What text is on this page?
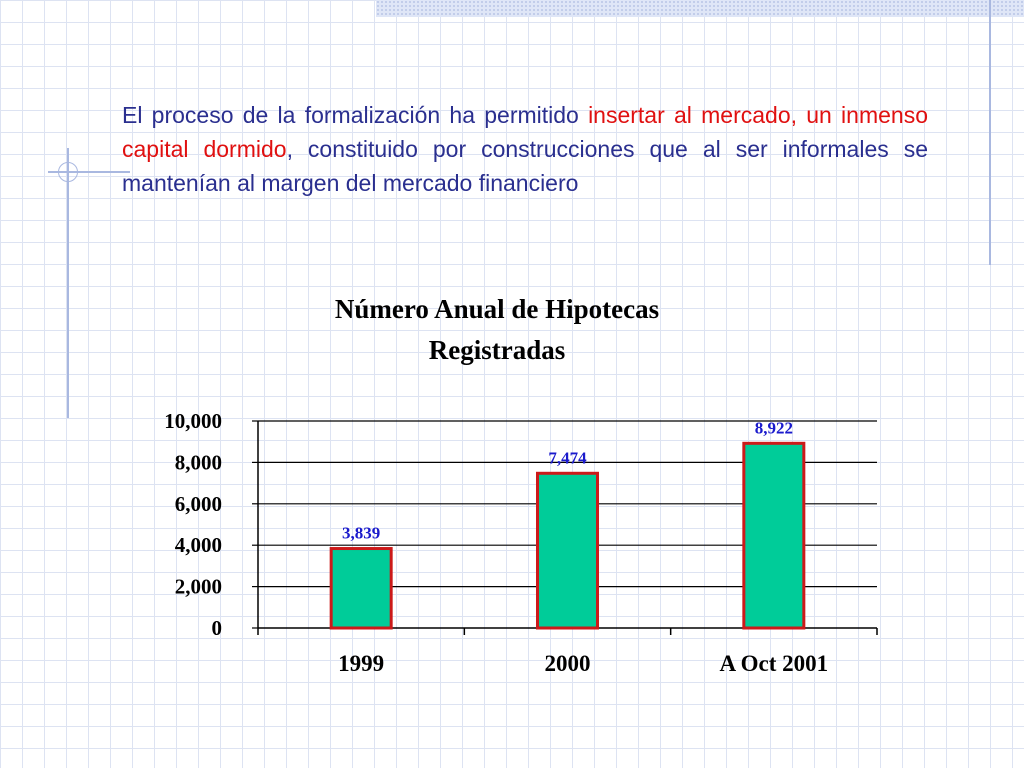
El proceso de la formalización ha permitido insertar al mercado, un inmenso capital dormido, constituido por construcciones que al ser informales se mantenían al margen del mercado financiero

Número Anual de Hipotecas
Registradas
0
2,000
4,000
6,000
8,000
10,000
3,839
1999
7,474
2000
8,922
A Oct 2001
